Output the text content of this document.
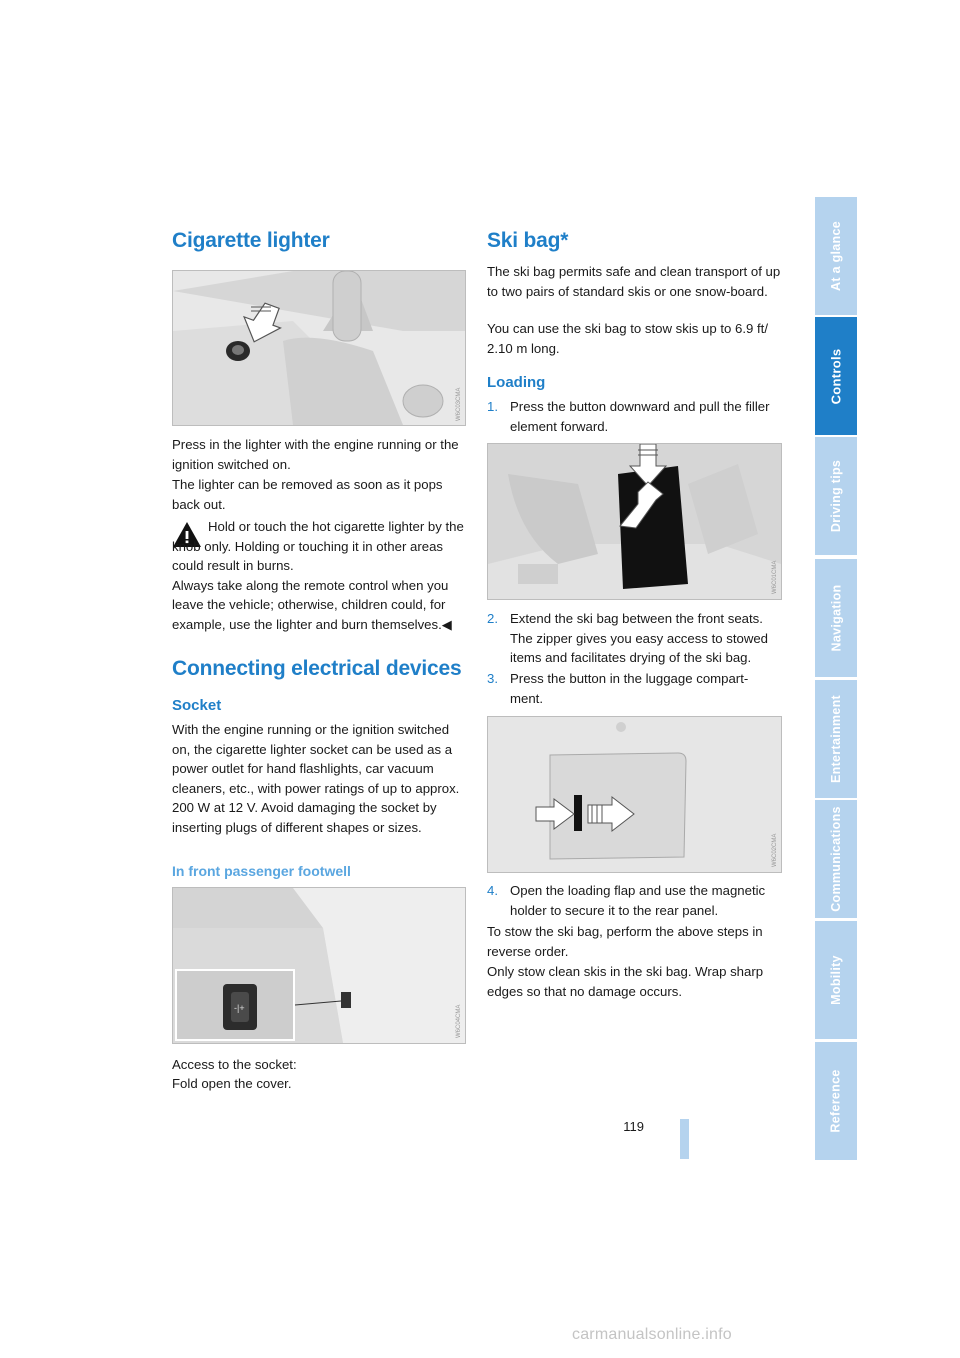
Cigarette lighter
W6C03CMA

Press in the lighter with the engine running or the ignition switched on.

The lighter can be removed as soon as it pops back out.

Hold or touch the hot cigarette lighter by the knob only. Holding or touching it in other areas could result in burns.
Always take along the remote control when you leave the vehicle; otherwise, children could, for example, use the lighter and burn themselves.◀

Connecting electrical devices
Socket

With the engine running or the ignition switched on, the cigarette lighter socket can be used as a power outlet for hand flashlights, car vacuum cleaners, etc., with power ratings of up to approx. 200 W at 12 V. Avoid damaging the socket by inserting plugs of different shapes or sizes.

In front passenger footwell
-|+	W6C04CMA

Access to the socket:

Fold open the cover.

Ski bag*

The ski bag permits safe and clean transport of up to two pairs of standard skis or one snow-board.

You can use the ski bag to stow skis up to 6.9 ft/ 2.10 m long.

Loading
1. Press the button downward and pull the filler element forward.
W6C01CMA
2. Extend the ski bag between the front seats. The zipper gives you easy access to stowed items and facilitates drying of the ski bag.
3. Press the button in the luggage compart-ment.
W6C02CMA
4. Open the loading flap and use the magnetic holder to secure it to the rear panel.

To stow the ski bag, perform the above steps in reverse order.

Only stow clean skis in the ski bag. Wrap sharp edges so that no damage occurs.

At a glance
Controls
Driving tips
Navigation
Entertainment
Communications
Mobility
Reference
119
carmanualsonline.info
